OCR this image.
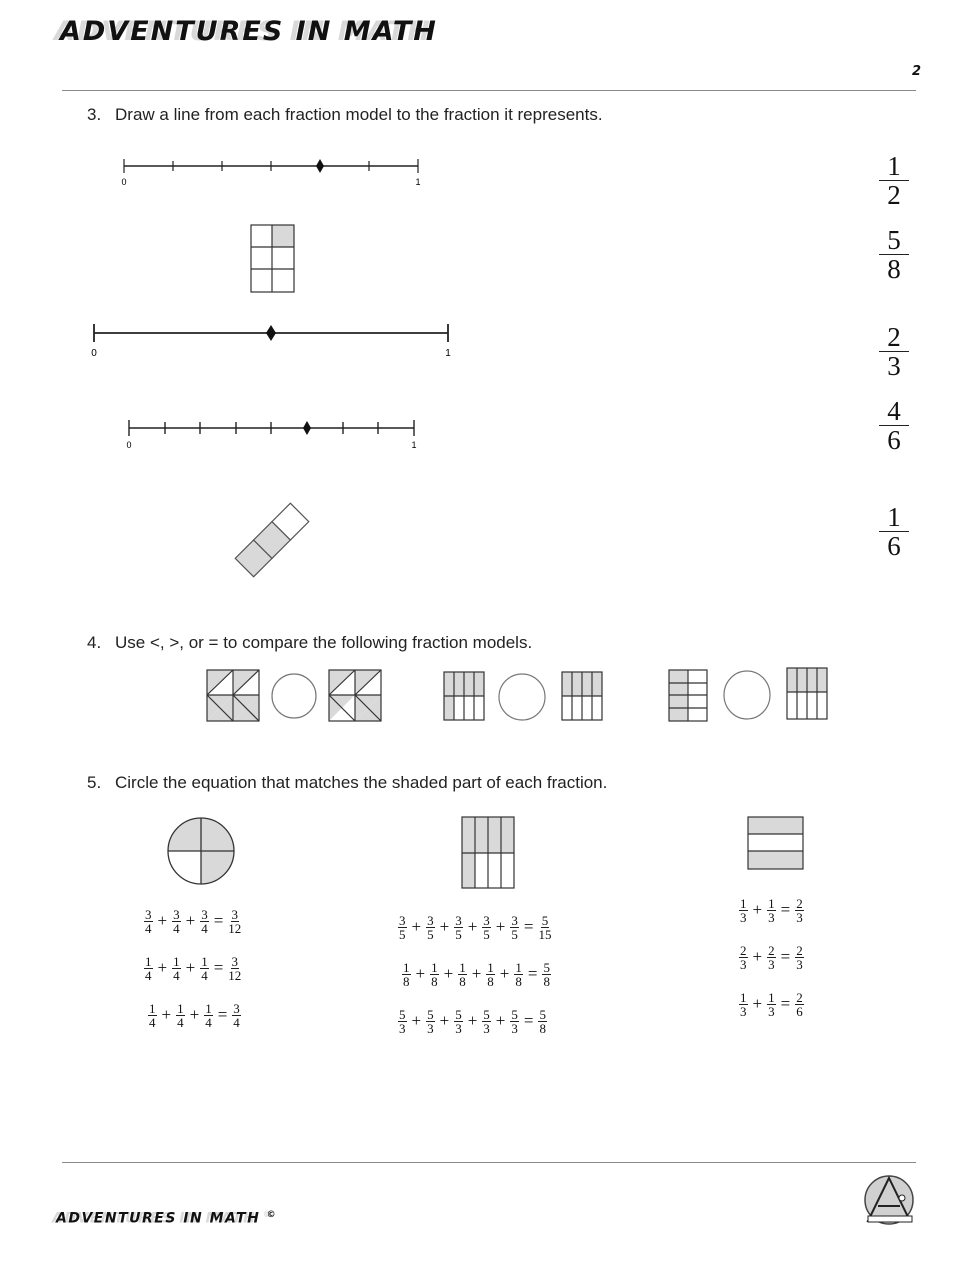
ADVENTURES IN MATH
2
3. Draw a line from each fraction model to the fraction it represents.
0	1
0	1
0	1
$\frac{1}{2}$
$\frac{5}{8}$
$\frac{2}{3}$
$\frac{4}{6}$
$\frac{1}{6}$
4. Use <, >, or = to compare the following fraction models.
5. Circle the equation that matches the shaded part of each fraction.
$\frac{3}{4} + \frac{3}{4} + \frac{3}{4} = \frac{3}{12}$
$\frac{1}{4} + \frac{1}{4} + \frac{1}{4} = \frac{3}{12}$
$\frac{1}{4} + \frac{1}{4} + \frac{1}{4} = \frac{3}{4}$
$\frac{3}{5} + \frac{3}{5} + \frac{3}{5} + \frac{3}{5} + \frac{3}{5} = \frac{5}{15}$
$\frac{1}{8} + \frac{1}{8} + \frac{1}{8} + \frac{1}{8} + \frac{1}{8} = \frac{5}{8}$
$\frac{5}{3} + \frac{5}{3} + \frac{5}{3} + \frac{5}{3} + \frac{5}{3} = \frac{5}{8}$
$\frac{1}{3} + \frac{1}{3} = \frac{2}{3}$
$\frac{2}{3} + \frac{2}{3} = \frac{2}{3}$
$\frac{1}{3} + \frac{1}{3} = \frac{2}{6}$
ADVENTURES IN MATH ©
